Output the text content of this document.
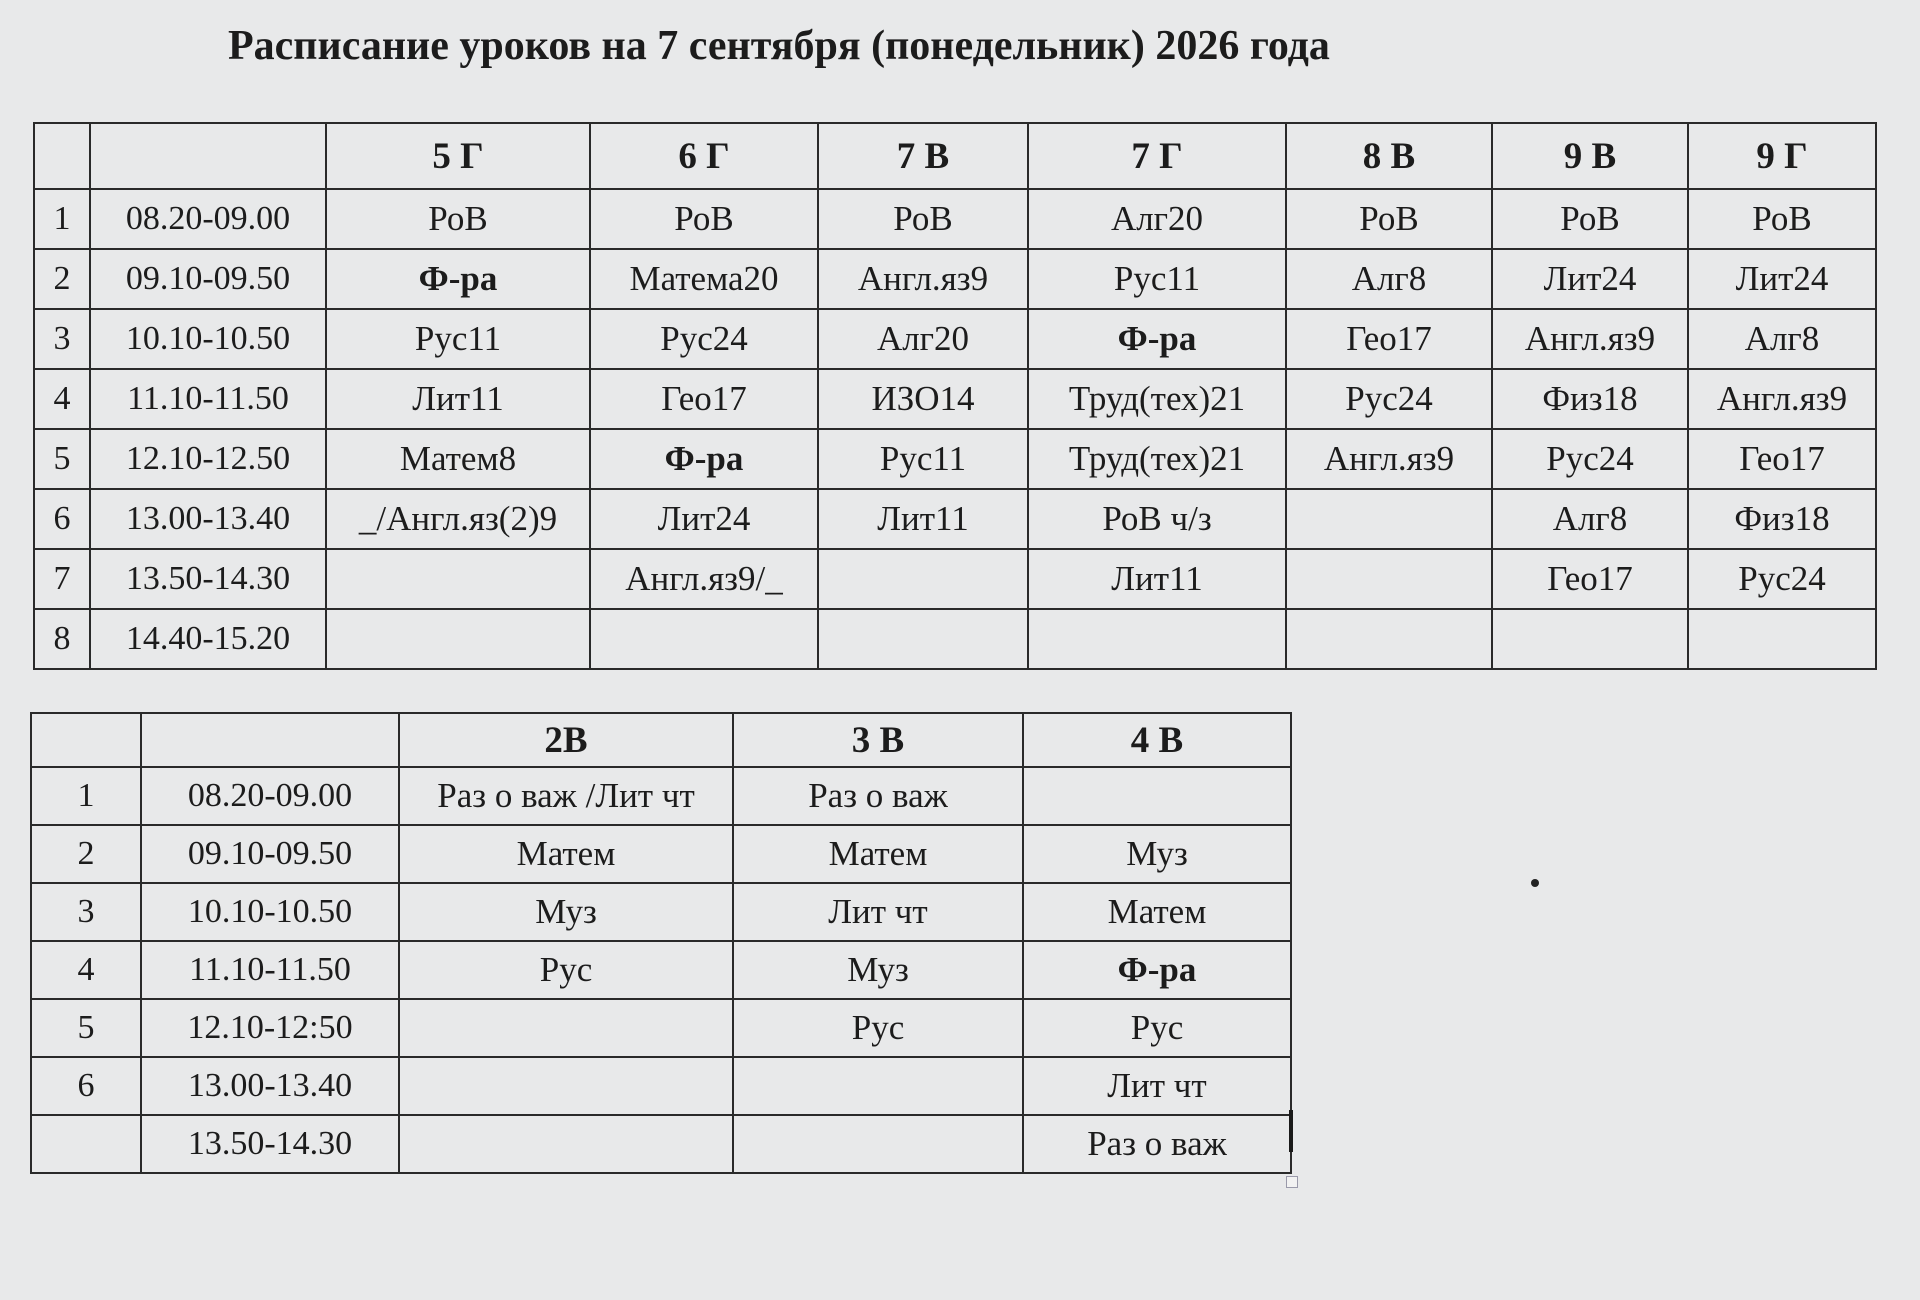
Расписание уроков на 7 сентября (понедельник) 2026 года
		5 Г	6 Г	7 В	7 Г	8 В	9 В	9 Г
1	08.20-09.00	РоВ	РоВ	РоВ	Алг20	РоВ	РоВ	РоВ
2	09.10-09.50	Ф-ра	Матема20	Англ.яз9	Рус11	Алг8	Лит24	Лит24
3	10.10-10.50	Рус11	Рус24	Алг20	Ф-ра	Гео17	Англ.яз9	Алг8
4	11.10-11.50	Лит11	Гео17	ИЗО14	Труд(тех)21	Рус24	Физ18	Англ.яз9
5	12.10-12.50	Матем8	Ф-ра	Рус11	Труд(тех)21	Англ.яз9	Рус24	Гео17
6	13.00-13.40	_/Англ.яз(2)9	Лит24	Лит11	РоВ ч/з		Алг8	Физ18
7	13.50-14.30		Англ.яз9/_		Лит11		Гео17	Рус24
8	14.40-15.20							
		2В	3 В	4 В
1	08.20-09.00	Раз о важ /Лит чт	Раз о важ	
2	09.10-09.50	Матем	Матем	Муз
3	10.10-10.50	Муз	Лит чт	Матем
4	11.10-11.50	Рус	Муз	Ф-ра
5	12.10-12:50		Рус	Рус
6	13.00-13.40			Лит чт
	13.50-14.30			Раз о важ
